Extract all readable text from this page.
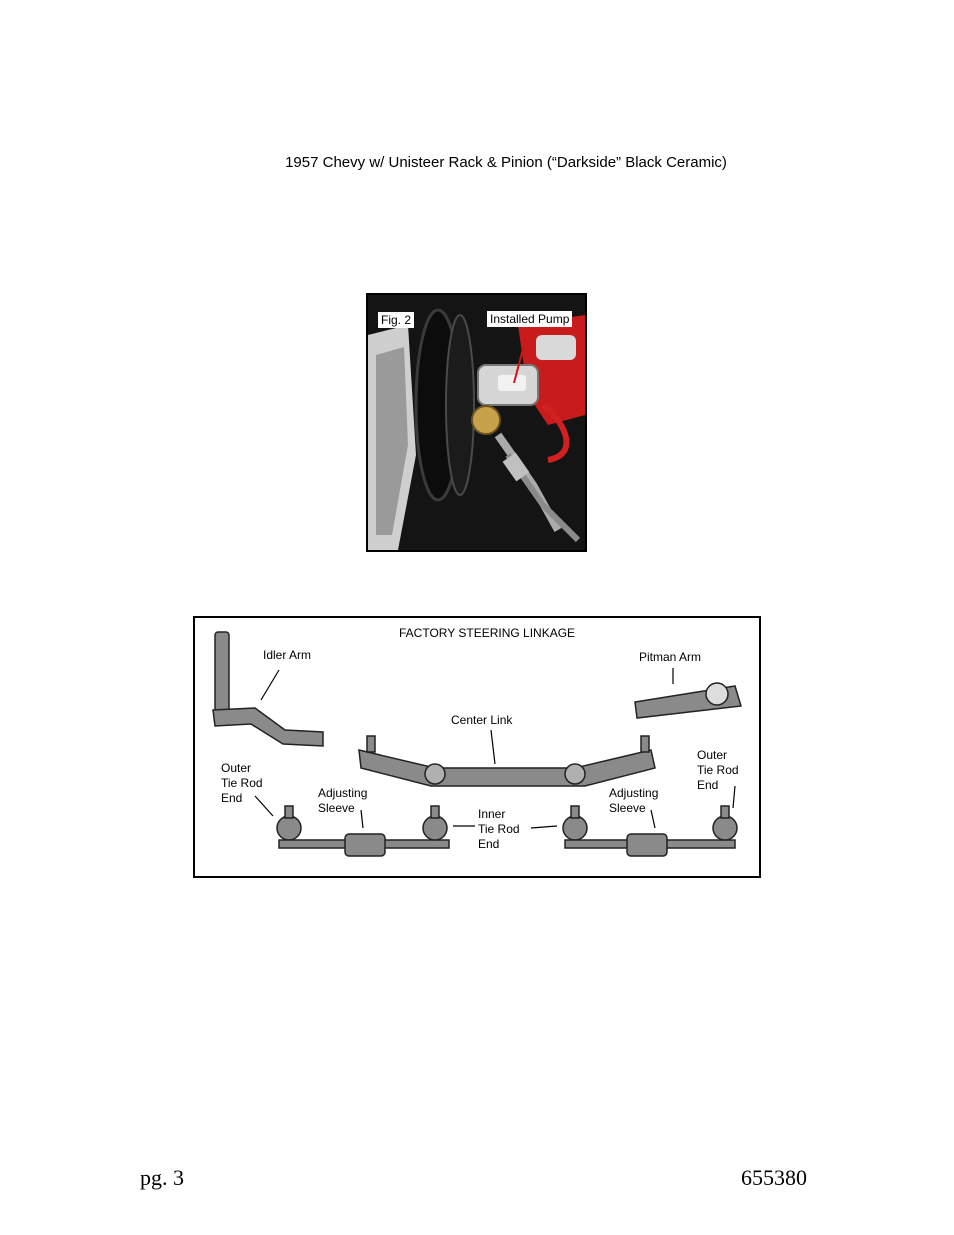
1957 Chevy w/ Unisteer Rack & Pinion (“Darkside” Black Ceramic)
Fig. 2	Installed Pump
FACTORY STEERING LINKAGE
Idler Arm	Pitman Arm
Center Link
Outer
Tie Rod
End
Outer
Tie Rod
End
Adjusting
Sleeve
Adjusting
Sleeve
Inner
Tie Rod
End
pg. 3	655380
